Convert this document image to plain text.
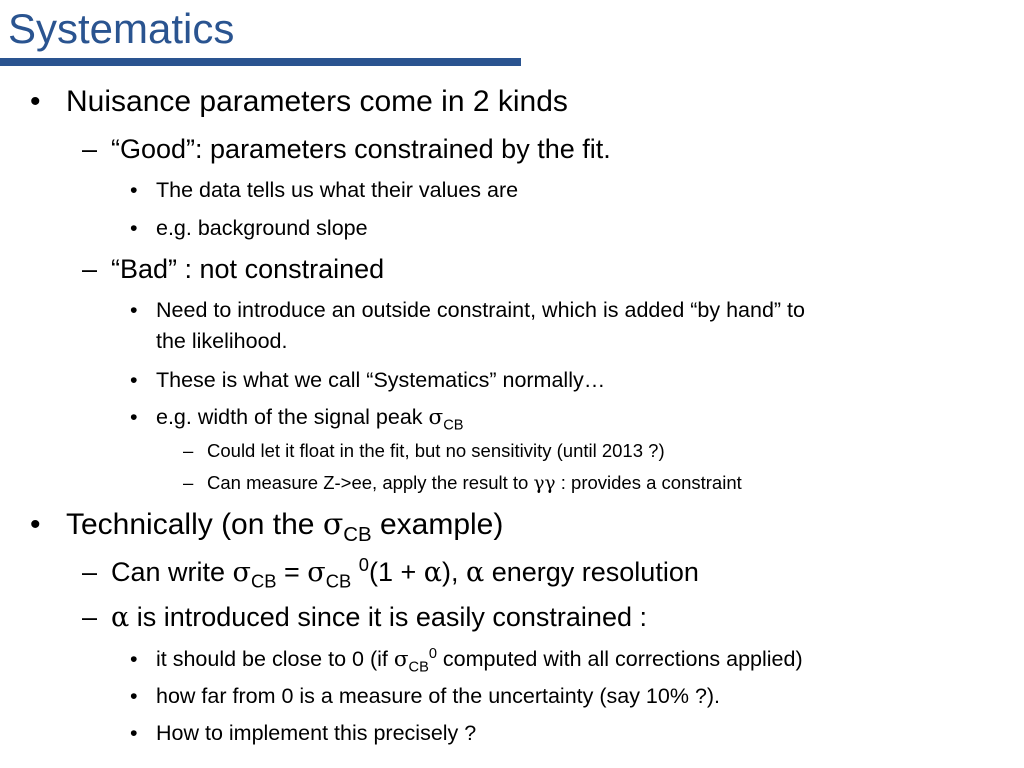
Systematics
• Nuisance parameters come in 2 kinds
– “Good”: parameters constrained by the fit.
• The data tells us what their values are
• e.g. background slope
– “Bad” : not constrained
• Need to introduce an outside constraint, which is added “by hand” to
the likelihood.
• These is what we call “Systematics” normally…
• e.g. width of the signal peak $\sigma_{CB}$
– Could let it float in the fit, but no sensitivity (until 2013 ?)
– Can measure Z->ee, apply the result to γγ : provides a constraint
• Technically (on the $\sigma_{CB}$ example)
– Can write $\sigma_{CB} = \sigma_{CB}$ $^0$(1 + α), α energy resolution
– α is introduced since it is easily constrained :
• it should be close to 0 (if $\sigma_{CB}^0$ computed with all corrections applied)
• how far from 0 is a measure of the uncertainty (say 10% ?).
• How to implement this precisely ?
